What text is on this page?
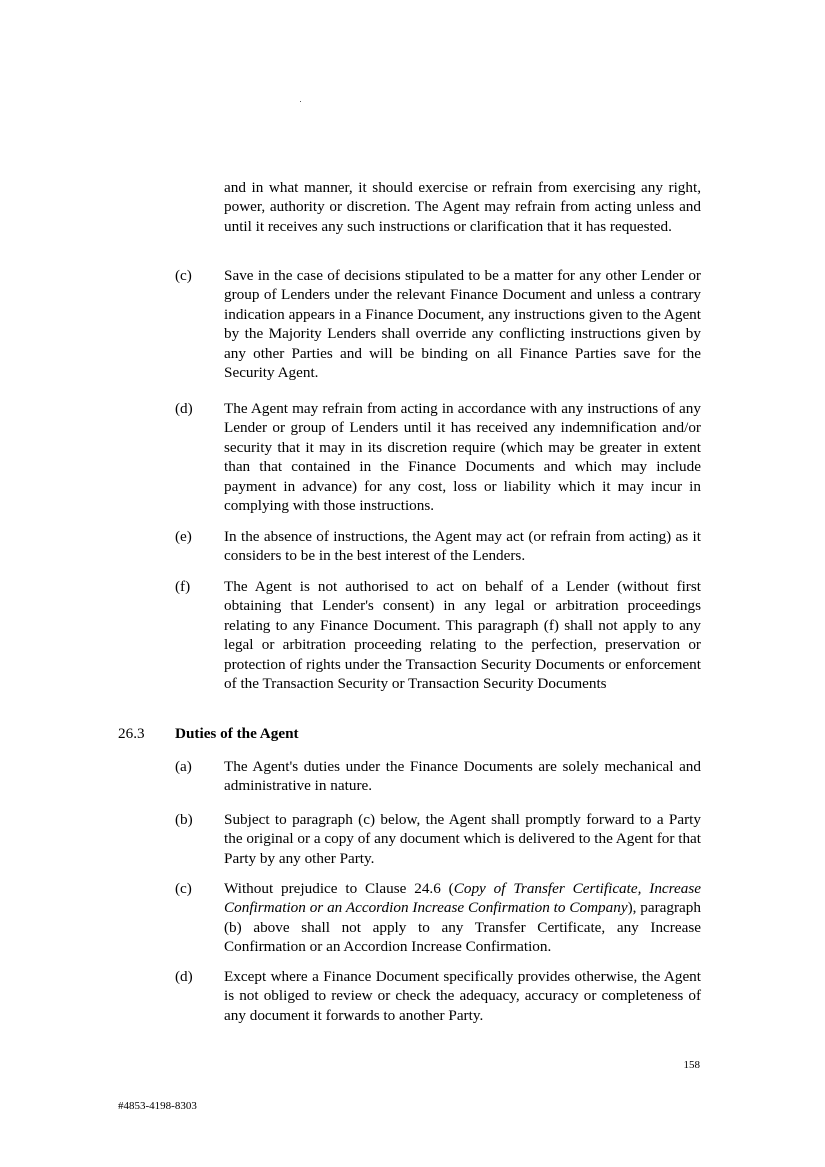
and in what manner, it should exercise or refrain from exercising any right, power, authority or discretion. The Agent may refrain from acting unless and until it receives any such instructions or clarification that it has requested.
(c)	Save in the case of decisions stipulated to be a matter for any other Lender or group of Lenders under the relevant Finance Document and unless a contrary indication appears in a Finance Document, any instructions given to the Agent by the Majority Lenders shall override any conflicting instructions given by any other Parties and will be binding on all Finance Parties save for the Security Agent.
(d)	The Agent may refrain from acting in accordance with any instructions of any Lender or group of Lenders until it has received any indemnification and/or security that it may in its discretion require (which may be greater in extent than that contained in the Finance Documents and which may include payment in advance) for any cost, loss or liability which it may incur in complying with those instructions.
(e)	In the absence of instructions, the Agent may act (or refrain from acting) as it considers to be in the best interest of the Lenders.
(f)	The Agent is not authorised to act on behalf of a Lender (without first obtaining that Lender's consent) in any legal or arbitration proceedings relating to any Finance Document. This paragraph (f) shall not apply to any legal or arbitration proceeding relating to the perfection, preservation or protection of rights under the Transaction Security Documents or enforcement of the Transaction Security or Transaction Security Documents
26.3 Duties of the Agent
(a)	The Agent's duties under the Finance Documents are solely mechanical and administrative in nature.
(b)	Subject to paragraph (c) below, the Agent shall promptly forward to a Party the original or a copy of any document which is delivered to the Agent for that Party by any other Party.
(c)	Without prejudice to Clause 24.6 (Copy of Transfer Certificate, Increase Confirmation or an Accordion Increase Confirmation to Company), paragraph (b) above shall not apply to any Transfer Certificate, any Increase Confirmation or an Accordion Increase Confirmation.
(d)	Except where a Finance Document specifically provides otherwise, the Agent is not obliged to review or check the adequacy, accuracy or completeness of any document it forwards to another Party.
158
#4853-4198-8303
